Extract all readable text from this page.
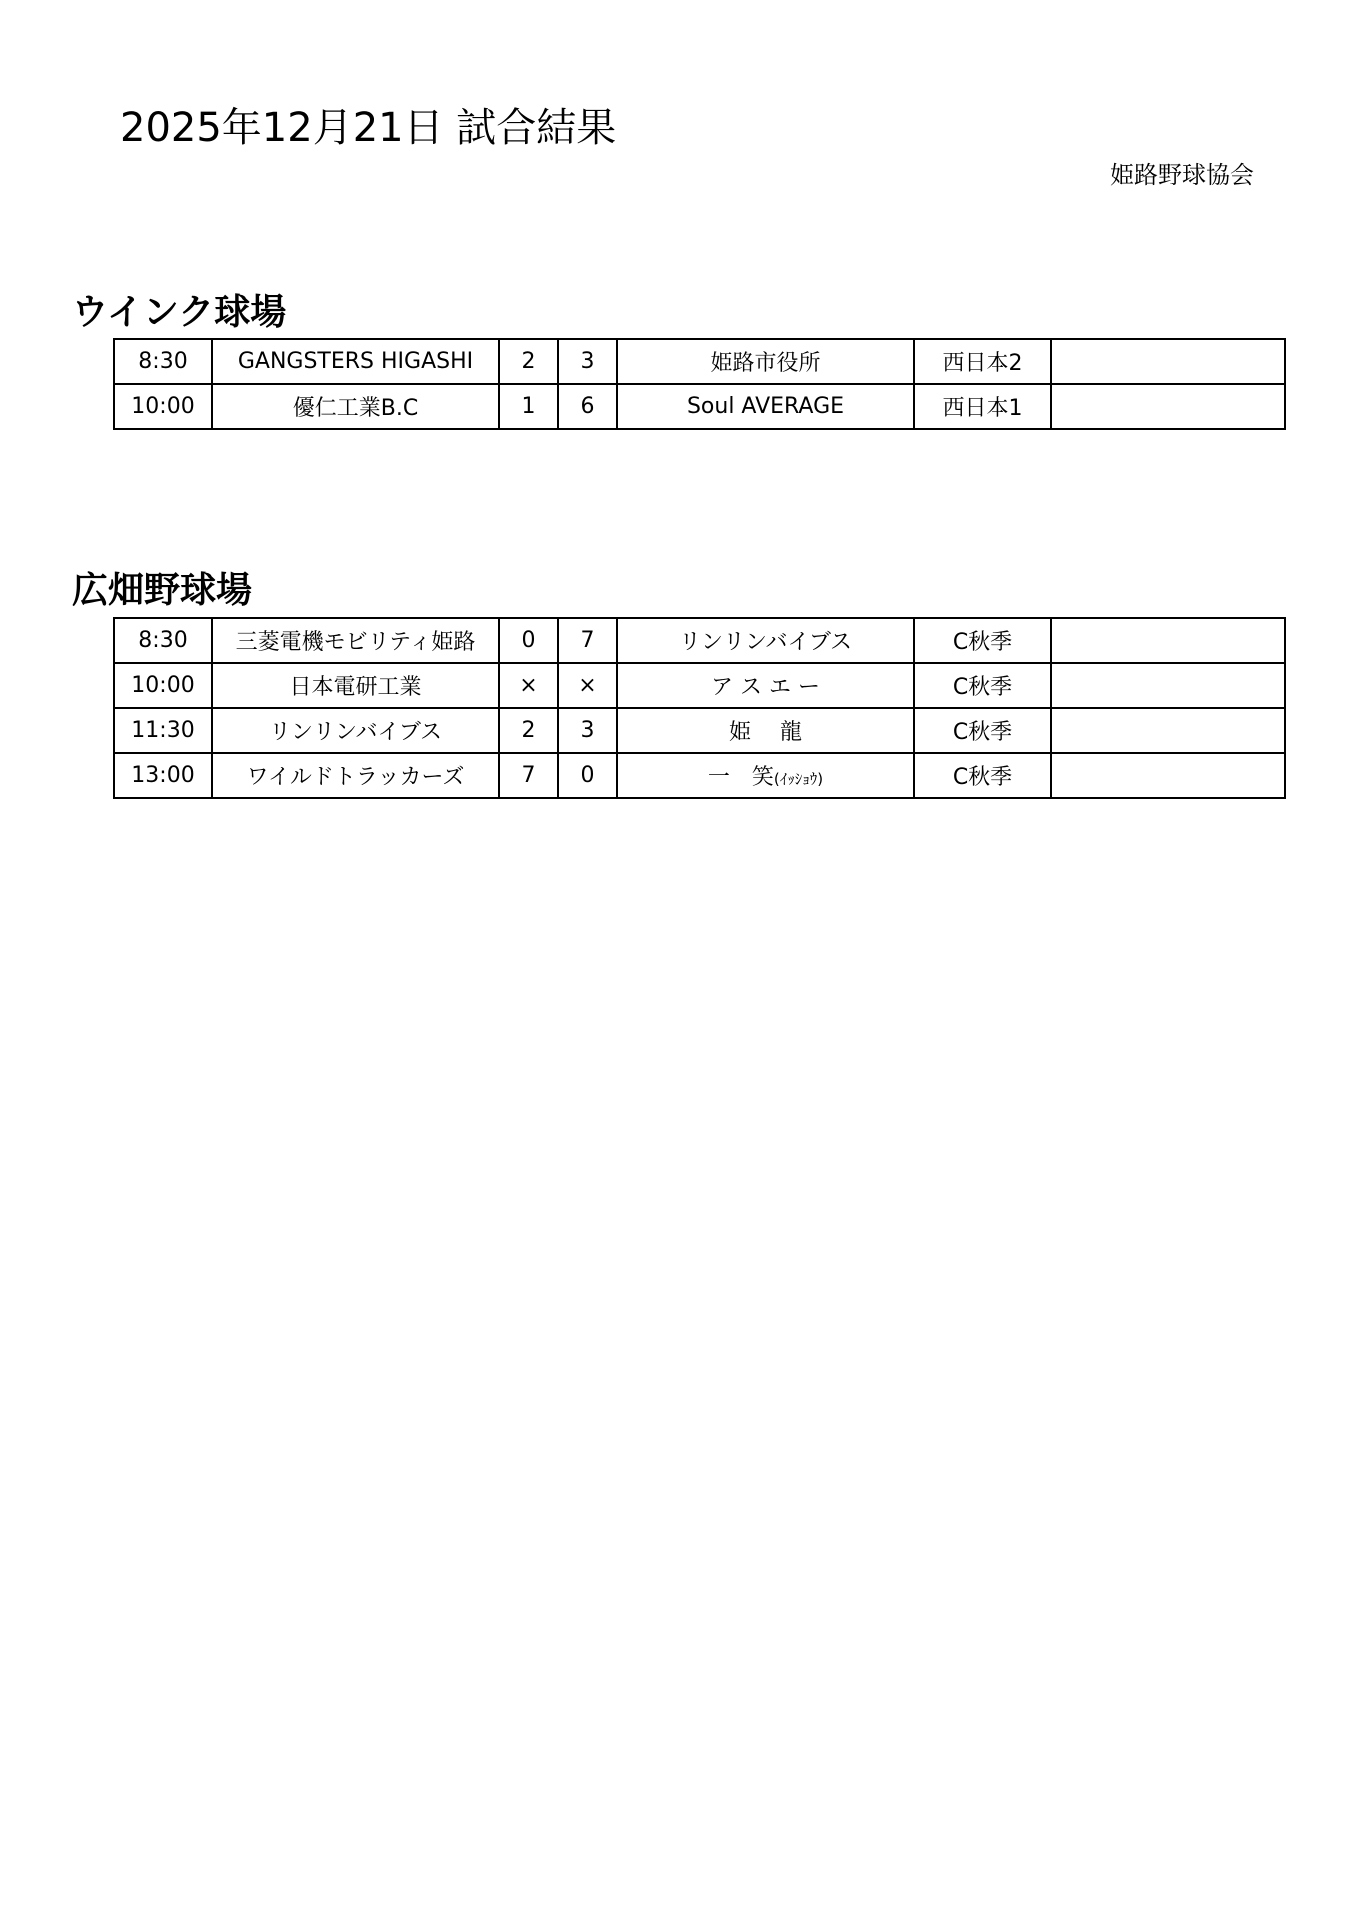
2025年12月21日 試合結果
姫路野球協会
ウインク球場
8:30	GANGSTERS HIGASHI	2	3	姫路市役所	西日本2	
10:00	優仁工業B.C	1	6	Soul AVERAGE	西日本1	
広畑野球場
8:30	三菱電機モビリティ姫路	0	7	リンリンバイブス	C秋季	
10:00	日本電研工業	×	×	ア ス エ ー	C秋季	
11:30	リンリンバイブス	2	3	姫　 龍	C秋季	
13:00	ワイルドトラッカーズ	7	0	一　笑(ｲｯｼｮｳ)	C秋季	
